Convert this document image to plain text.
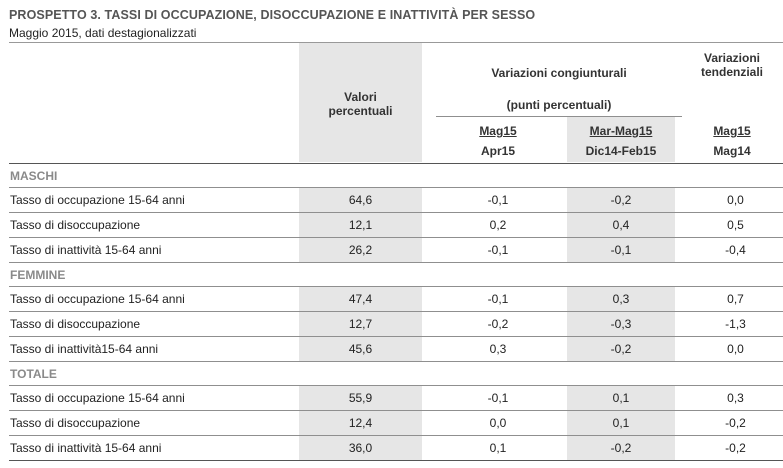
PROSPETTO 3. TASSI DI OCCUPAZIONE, DISOCCUPAZIONE E INATTIVITÀ PER SESSO
Maggio 2015, dati destagionalizzati
Valori
percentuali
Variazioni congiunturali
(punti percentuali)
Variazioni
tendenziali
Mag15
Apr15
Mar-Mag15
Dic14-Feb15
Mag15
Mag14
MASCHI								
Tasso di occupazione 15-64 anni		64,6		-0,1		-0,2		0,0
Tasso di disoccupazione		12,1		0,2		0,4		0,5
Tasso di inattività 15-64 anni		26,2		-0,1		-0,1		-0,4
FEMMINE								
Tasso di occupazione 15-64 anni		47,4		-0,1		0,3		0,7
Tasso di disoccupazione		12,7		-0,2		-0,3		-1,3
Tasso di inattività15-64 anni		45,6		0,3		-0,2		0,0
TOTALE								
Tasso di occupazione 15-64 anni		55,9		-0,1		0,1		0,3
Tasso di disoccupazione		12,4		0,0		0,1		-0,2
Tasso di inattività 15-64 anni		36,0		0,1		-0,2		-0,2
